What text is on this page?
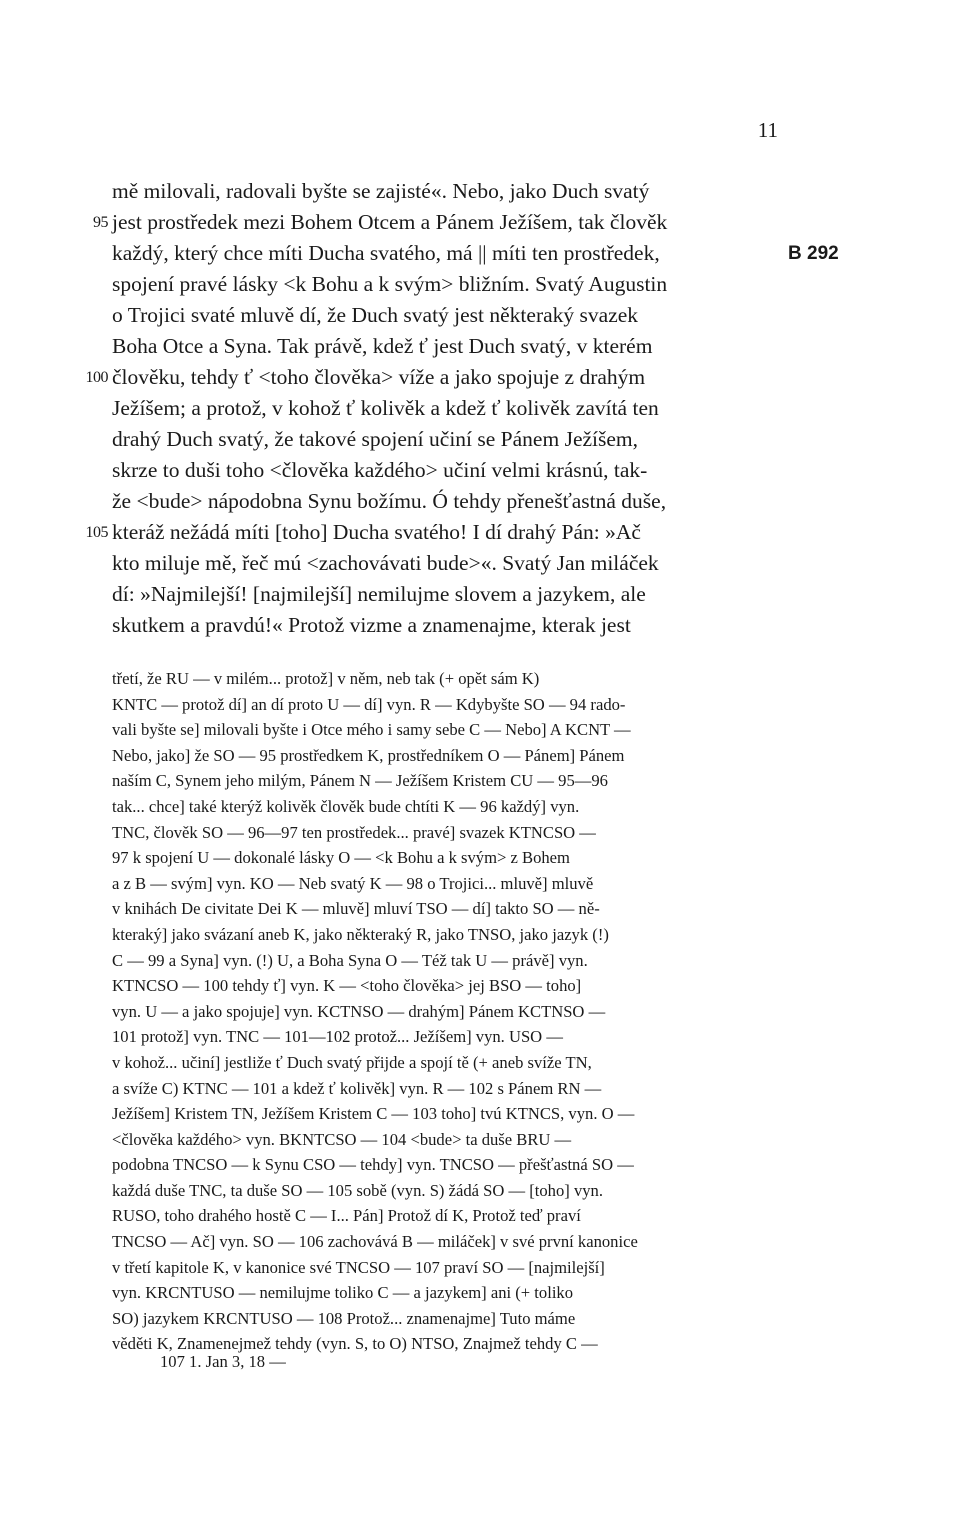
11
mě milovali, radovali byšte se zajisté«. Nebo, jako Duch svatý
jest prostředek mezi Bohem Otcem a Pánem Ježíšem, tak člověk
95
každý, který chce míti Ducha svatého, má || míti ten prostředek,	B 292
spojení pravé lásky <k Bohu a k svým> bližním. Svatý Augustin
o Trojici svaté mluvě dí, že Duch svatý jest některaký svazek
Boha Otce a Syna. Tak právě, kdež ť jest Duch svatý, v kterém
člověku, tehdy ť <toho člověka> víže a jako spojuje z drahým
100
Ježíšem; a protož, v kohož ť kolivěk a kdež ť kolivěk zavítá ten
drahý Duch svatý, že takové spojení učiní se Pánem Ježíšem,
skrze to duši toho <člověka každého> učiní velmi krásnú, tak-
že <bude> nápodobna Synu božímu. Ó tehdy přenešťastná duše,
kteráž nežádá míti [toho] Ducha svatého! I dí drahý Pán: »Ač
105
kto miluje mě, řeč mú <zachovávati bude>«. Svatý Jan miláček
dí: »Najmilejší! [najmilejší] nemilujme slovem a jazykem, ale
skutkem a pravdú!« Protož vizme a znamenajme, kterak jest
třetí, že RU — v milém... protož] v něm, neb tak (+ opět sám K)
KNTC — protož dí] an dí proto U — dí] vyn. R — Kdybyšte SO — 94 rado-
vali byšte se] milovali byšte i Otce mého i samy sebe C — Nebo] A KCNT —
Nebo, jako] že SO — 95 prostředkem K, prostředníkem O — Pánem] Pánem
naším C, Synem jeho milým, Pánem N — Ježíšem Kristem CU — 95—96
tak... chce] také kterýž kolivěk člověk bude chtíti K — 96 každý] vyn.
TNC, člověk SO — 96—97 ten prostředek... pravé] svazek KTNCSO —
97 k spojení U — dokonalé lásky O — <k Bohu a k svým> z Bohem
a z B — svým] vyn. KO — Neb svatý K — 98 o Trojici... mluvě] mluvě
v knihách De civitate Dei K — mluvě] mluví TSO — dí] takto SO — ně-
kteraký] jako svázaní aneb K, jako některaký R, jako TNSO, jako jazyk (!)
C — 99 a Syna] vyn. (!) U, a Boha Syna O — Též tak U — právě] vyn.
KTNCSO — 100 tehdy ť] vyn. K — <toho člověka> jej BSO — toho]
vyn. U — a jako spojuje] vyn. KCTNSO — drahým] Pánem KCTNSO —
101 protož] vyn. TNC — 101—102 protož... Ježíšem] vyn. USO —
v kohož... učiní] jestliže ť Duch svatý přijde a spojí tě (+ aneb svíže TN,
a svíže C) KTNC — 101 a kdež ť kolivěk] vyn. R — 102 s Pánem RN —
Ježíšem] Kristem TN, Ježíšem Kristem C — 103 toho] tvú KTNCS, vyn. O —
<člověka každého> vyn. BKNTCSO — 104 <bude> ta duše BRU —
podobna TNCSO — k Synu CSO — tehdy] vyn. TNCSO — přešťastná SO —
každá duše TNC, ta duše SO — 105 sobě (vyn. S) žádá SO — [toho] vyn.
RUSO, toho drahého hostě C — I... Pán] Protož dí K, Protož teď praví
TNCSO — Ač] vyn. SO — 106 zachovává B — miláček] v své první kanonice
v třetí kapitole K, v kanonice své TNCSO — 107 praví SO — [najmilejší]
vyn. KRCNTUSO — nemilujme toliko C — a jazykem] ani (+ toliko
SO) jazykem KRCNTUSO — 108 Protož... znamenajme] Tuto máme
věděti K, Znamenejmež tehdy (vyn. S, to O) NTSO, Znajmež tehdy C —
107 1. Jan 3, 18 —
